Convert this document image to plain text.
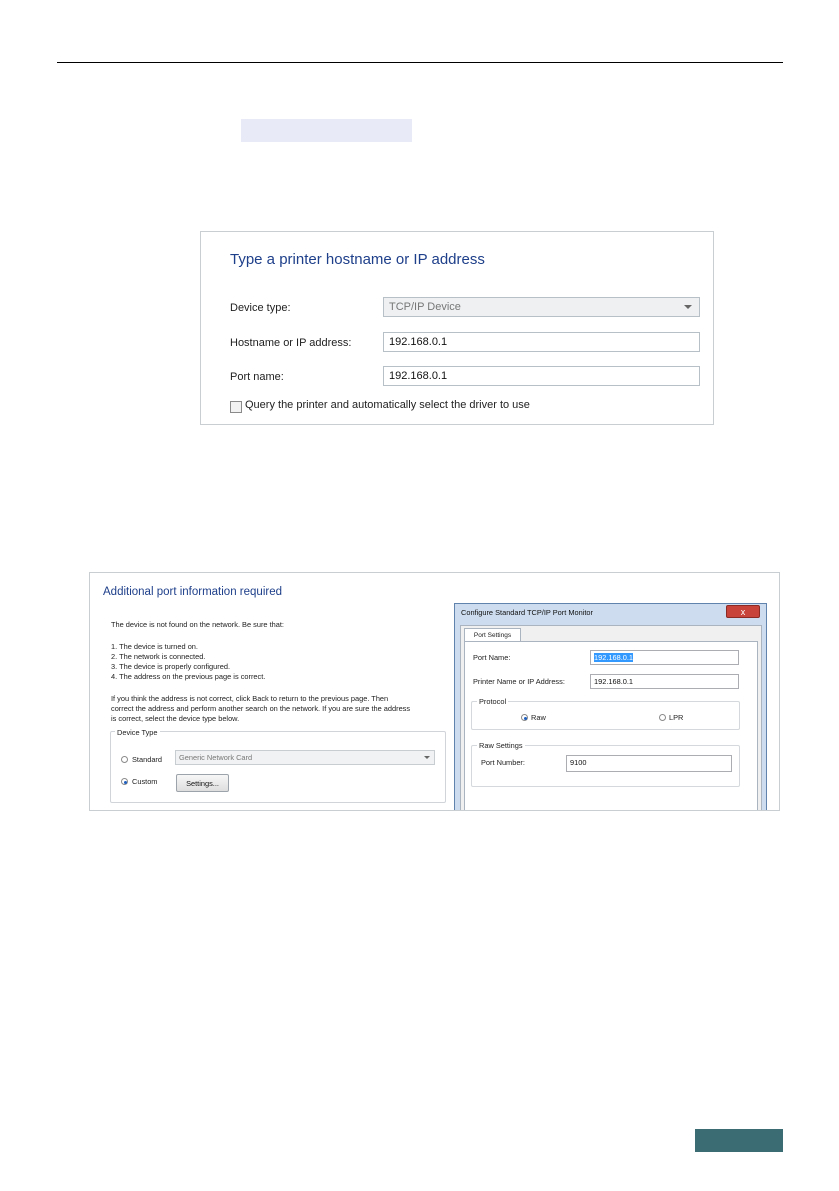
Type a printer hostname or IP address
Device type:	TCP/IP Device
Hostname or IP address:	192.168.0.1
Port name:	192.168.0.1
Query the printer and automatically select the driver to use
Additional port information required
The device is not found on the network. Be sure that:
1. The device is turned on.
2. The network is connected.
3. The device is properly configured.
4. The address on the previous page is correct.
If you think the address is not correct, click Back to return to the previous page. Then
correct the address and perform another search on the network. If you are sure the address
is correct, select the device type below.
Device Type
Standard	Generic Network Card
Custom	Settings...
Configure Standard TCP/IP Port Monitor	x
Port Settings
Port Name:	192.168.0.1
Printer Name or IP Address:	192.168.0.1
Protocol
Raw	LPR
Raw Settings
Port Number:	9100
